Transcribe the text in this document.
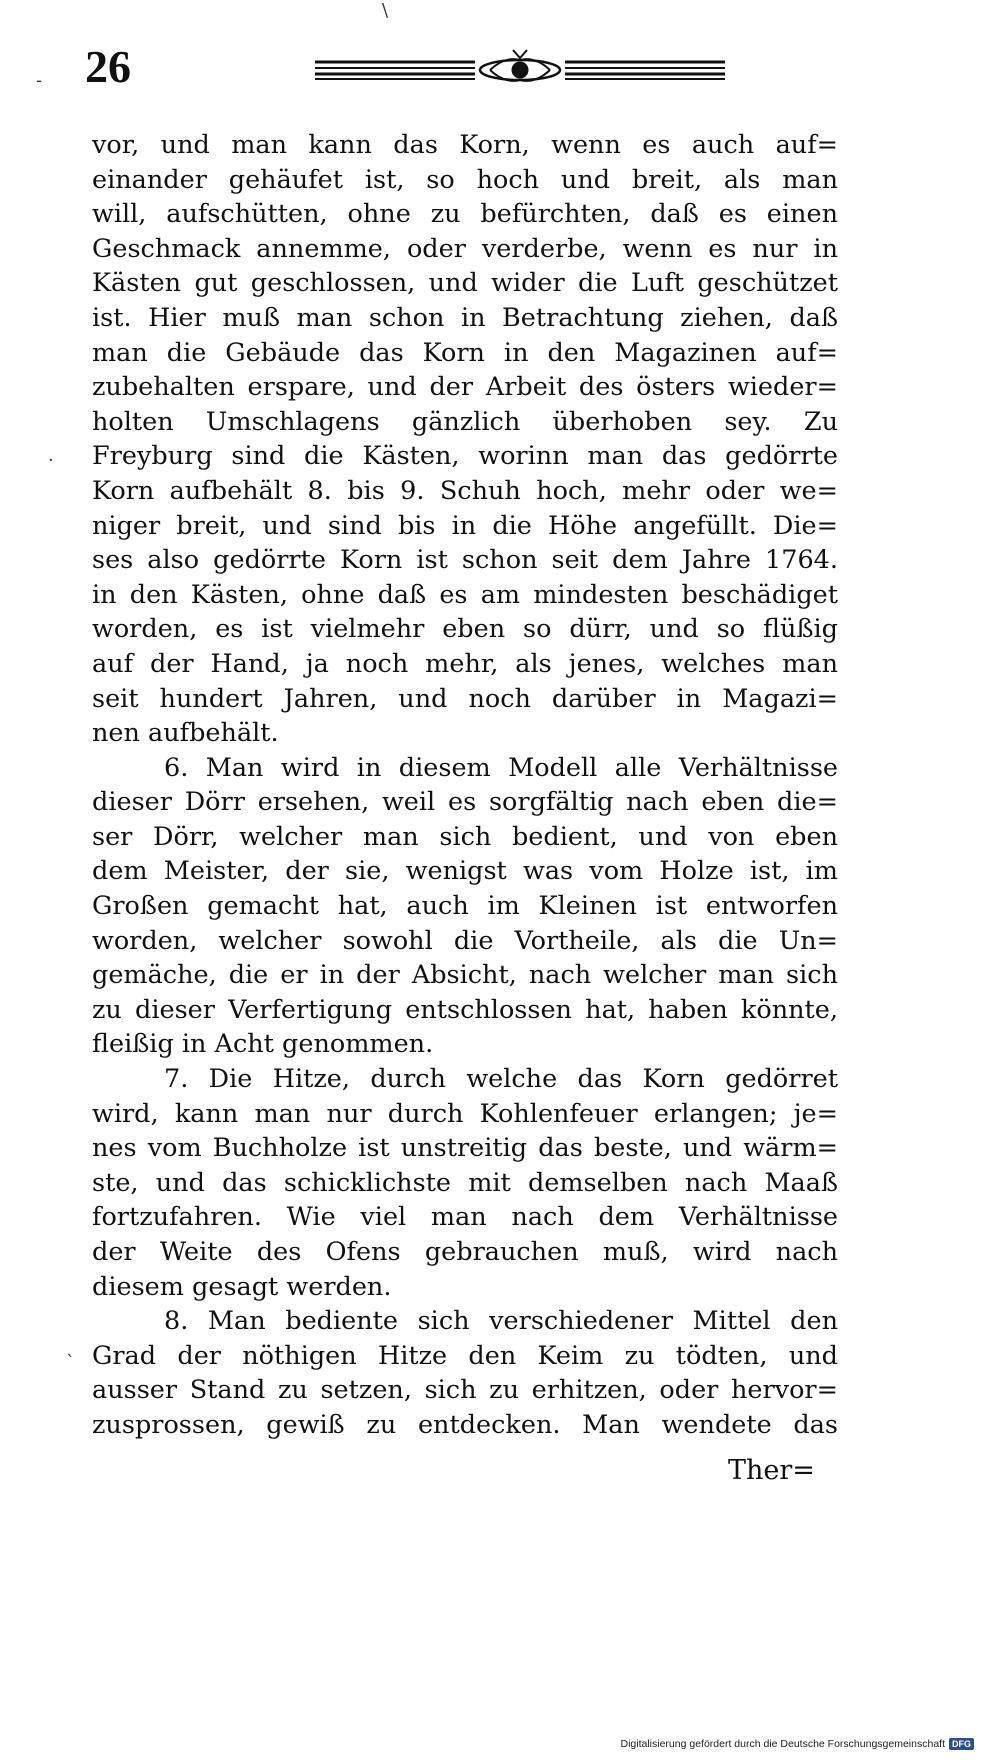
\
-
·
`
26
vor, und man kann das Korn, wenn es auch auf=
einander gehäufet ist, so hoch und breit, als man
will, aufschütten, ohne zu befürchten, daß es einen
Geschmack annemme, oder verderbe, wenn es nur in
Kästen gut geschlossen, und wider die Luft geschützet
ist. Hier muß man schon in Betrachtung ziehen, daß
man die Gebäude das Korn in den Magazinen auf=
zubehalten erspare, und der Arbeit des östers wieder=
holten Umschlagens gänzlich überhoben sey. Zu
Freyburg sind die Kästen, worinn man das gedörrte
Korn aufbehält 8. bis 9. Schuh hoch, mehr oder we=
niger breit, und sind bis in die Höhe angefüllt. Die=
ses also gedörrte Korn ist schon seit dem Jahre 1764.
in den Kästen, ohne daß es am mindesten beschädiget
worden, es ist vielmehr eben so dürr, und so flüßig
auf der Hand, ja noch mehr, als jenes, welches man
seit hundert Jahren, und noch darüber in Magazi=
nen aufbehält.
6. Man wird in diesem Modell alle Verhältnisse
dieser Dörr ersehen, weil es sorgfältig nach eben die=
ser Dörr, welcher man sich bedient, und von eben
dem Meister, der sie, wenigst was vom Holze ist, im
Großen gemacht hat, auch im Kleinen ist entworfen
worden, welcher sowohl die Vortheile, als die Un=
gemäche, die er in der Absicht, nach welcher man sich
zu dieser Verfertigung entschlossen hat, haben könnte,
fleißig in Acht genommen.
7. Die Hitze, durch welche das Korn gedörret
wird, kann man nur durch Kohlenfeuer erlangen; je=
nes vom Buchholze ist unstreitig das beste, und wärm=
ste, und das schicklichste mit demselben nach Maaß
fortzufahren. Wie viel man nach dem Verhältnisse
der Weite des Ofens gebrauchen muß, wird nach
diesem gesagt werden.
8. Man bediente sich verschiedener Mittel den
Grad der nöthigen Hitze den Keim zu tödten, und
ausser Stand zu setzen, sich zu erhitzen, oder hervor=
zusprossen, gewiß zu entdecken. Man wendete das
Ther=
Digitalisierung gefördert durch die Deutsche Forschungsgemeinschaft DFG
